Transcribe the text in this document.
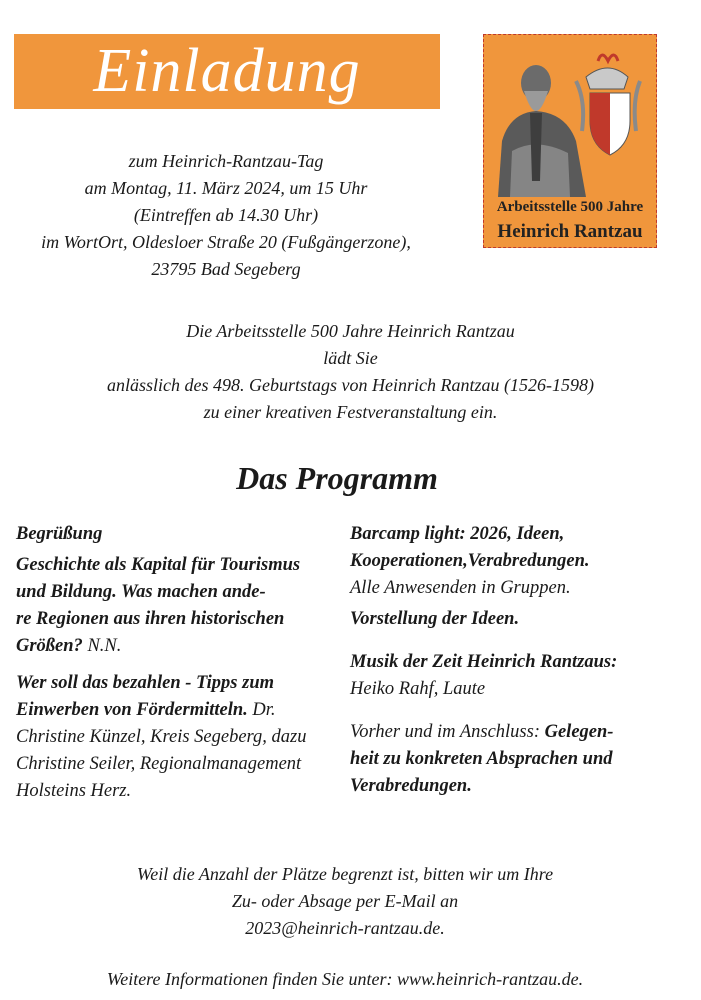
Einladung
Arbeitsstelle 500 Jahre
Heinrich Rantzau
zum Heinrich-Rantzau-Tag
am Montag, 11. März 2024, um 15 Uhr
(Eintreffen ab 14.30 Uhr)
im WortOrt, Oldesloer Straße 20 (Fußgängerzone),
23795 Bad Segeberg
Die Arbeitsstelle 500 Jahre Heinrich Rantzau
lädt Sie
anlässlich des 498. Geburtstags von Heinrich Rantzau (1526-1598)
zu einer kreativen Festveranstaltung ein.
Das Programm

Begrüßung

Geschichte als Kapital für Tourismus

und Bildung. Was machen ande-

re Regionen aus ihren historischen

Größen? N.N.

Wer soll das bezahlen - Tipps zum

Einwerben von Fördermitteln. Dr.

Christine Künzel, Kreis Segeberg, dazu

Christine Seiler, Regionalmanagement

Holsteins Herz.

Barcamp light: 2026, Ideen,

Kooperationen,Verabredungen.

Alle Anwesenden in Gruppen.

Vorstellung der Ideen.

Musik der Zeit Heinrich Rantzaus:

Heiko Rahf, Laute

Vorher und im Anschluss: Gelegen-

heit zu konkreten Absprachen und

Verabredungen.

Weil die Anzahl der Plätze begrenzt ist, bitten wir um Ihre
Zu- oder Absage per E-Mail an
2023@heinrich-rantzau.de.
Weitere Informationen finden Sie unter: www.heinrich-rantzau.de.
